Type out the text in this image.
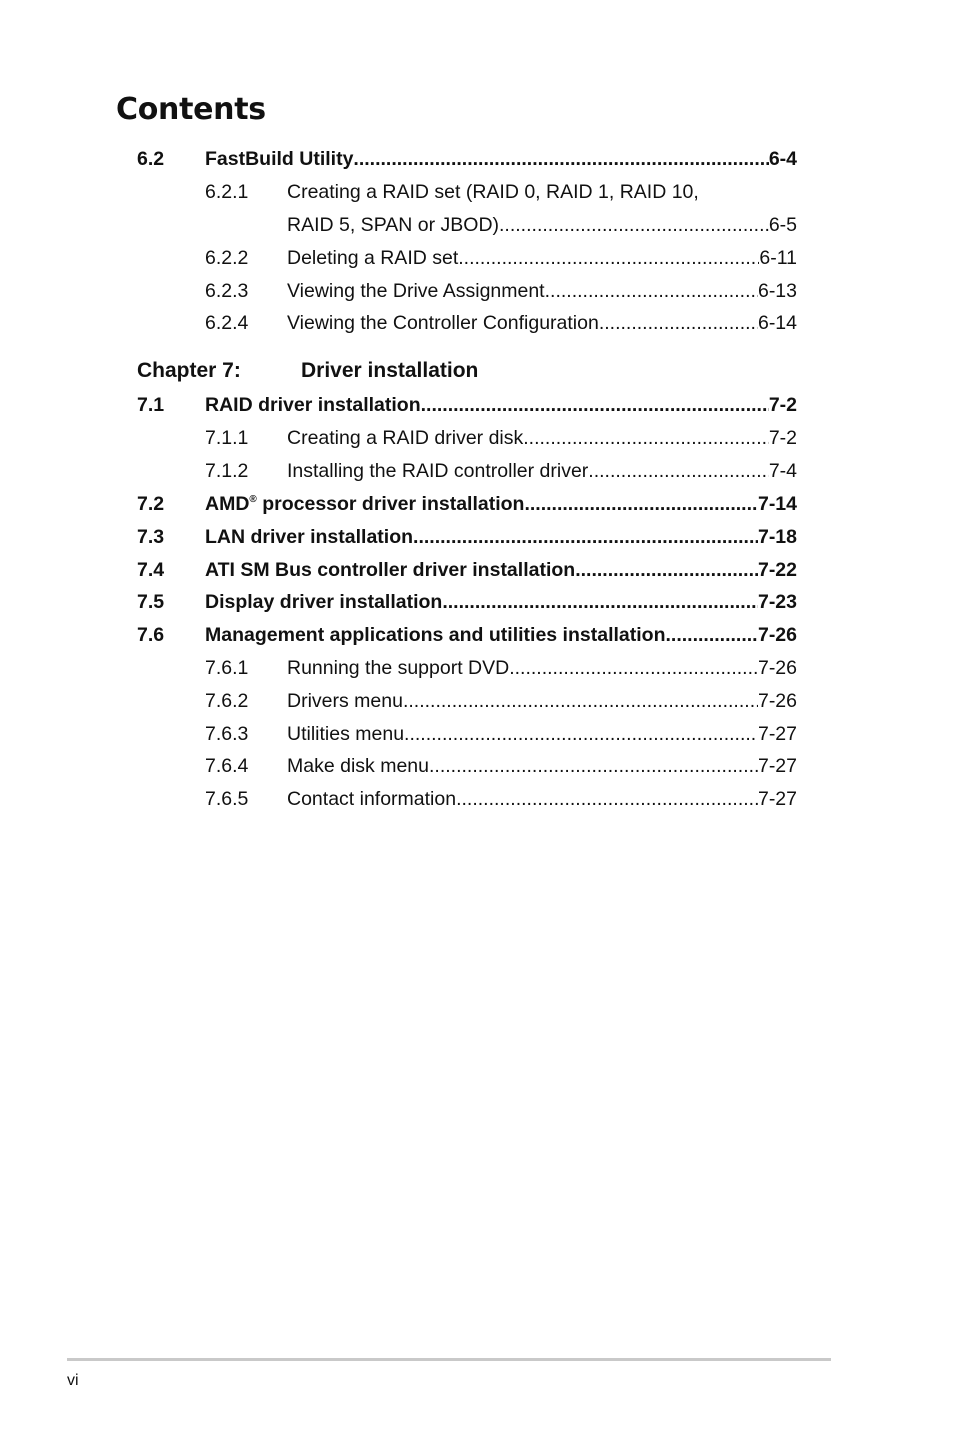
Contents
6.2 FastBuild Utility .....	6-4
6.2.1 Creating a RAID set (RAID 0, RAID 1, RAID 10,
RAID 5, SPAN or JBOD) .....	6-5
6.2.2 Deleting a RAID set .....	6-11
6.2.3 Viewing the Drive Assignment .....	6-13
6.2.4 Viewing the Controller Configuration .....	6-14
Chapter 7:	Driver installation
7.1 RAID driver installation .....	7-2
7.1.1 Creating a RAID driver disk .....	7-2
7.1.2 Installing the RAID controller driver .....	7-4
7.2 AMD® processor driver installation .....	7-14
7.3 LAN driver installation .....	7-18
7.4 ATI SM Bus controller driver installation .....	7-22
7.5 Display driver installation .....	7-23
7.6 Management applications and utilities installation .....	7-26
7.6.1 Running the support DVD .....	7-26
7.6.2 Drivers menu .....	7-26
7.6.3 Utilities menu .....	7-27
7.6.4 Make disk menu .....	7-27
7.6.5 Contact information .....	7-27
vi
